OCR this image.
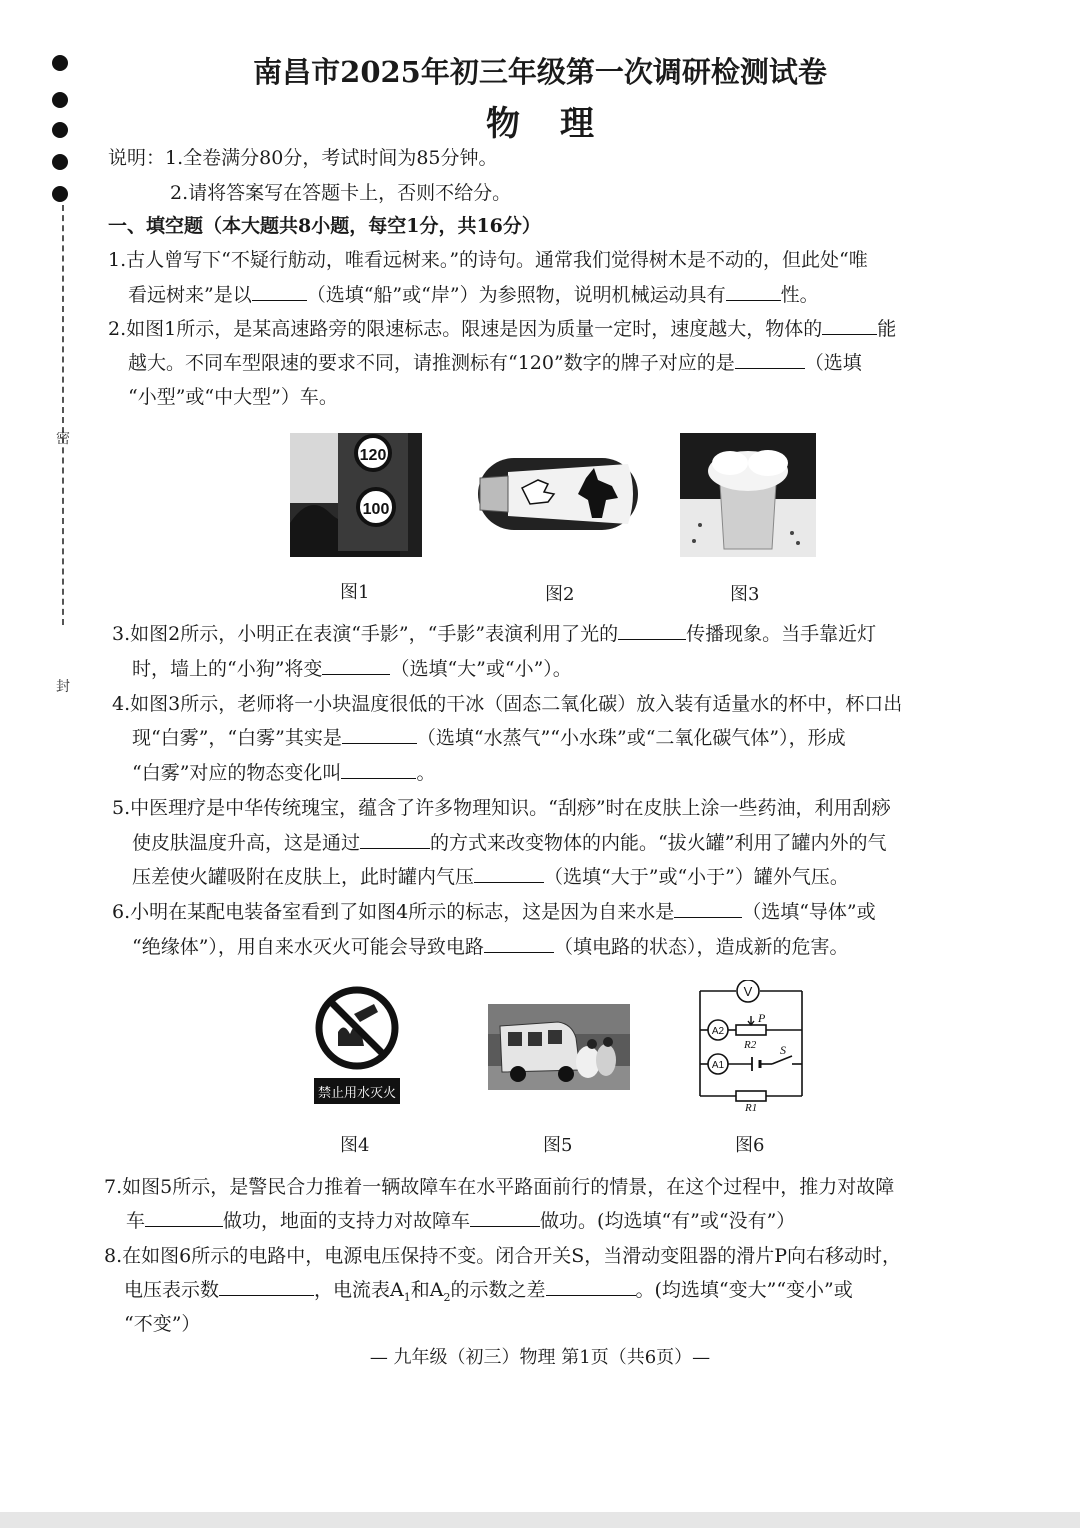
密
封
南昌市2025年初三年级第一次调研检测试卷
物理
说明：1.全卷满分80分，考试时间为85分钟。
2.请将答案写在答题卡上，否则不给分。
一、填空题（本大题共8小题，每空1分，共16分）
1.古人曾写下“不疑行舫动，唯看远树来。”的诗句。通常我们觉得树木是不动的，但此处“唯
看远树来”是以	（选填“船”或“岸”）为参照物，说明机械运动具有	性。
2.如图1所示，是某高速路旁的限速标志。限速是因为质量一定时，速度越大，物体的	能
越大。不同车型限速的要求不同，请推测标有“120”数字的牌子对应的是	（选填
“小型”或“中大型”）车。
120
100
图1	图2	图3
3.如图2所示，小明正在表演“手影”，“手影”表演利用了光的	传播现象。当手靠近灯
时，墙上的“小狗”将变	（选填“大”或“小”）。
4.如图3所示，老师将一小块温度很低的干冰（固态二氧化碳）放入装有适量水的杯中，杯口出
现“白雾”，“白雾”其实是	（选填“水蒸气”“小水珠”或“二氧化碳气体”），形成
“白雾”对应的物态变化叫	。
5.中医理疗是中华传统瑰宝，蕴含了许多物理知识。“刮痧”时在皮肤上涂一些药油，利用刮痧
使皮肤温度升高，这是通过	的方式来改变物体的内能。“拔火罐”利用了罐内外的气
压差使火罐吸附在皮肤上，此时罐内气压	（选填“大于”或“小于”）罐外气压。
6.小明在某配电装备室看到了如图4所示的标志，这是因为自来水是	（选填“导体”或
“绝缘体”），用自来水灭火可能会导致电路	（填电路的状态），造成新的危害。
禁止用水灭火
V
A2
P
R2
A1
S
R1
图4	图5	图6
7.如图5所示，是警民合力推着一辆故障车在水平路面前行的情景，在这个过程中，推力对故障
车	做功，地面的支持力对故障车	做功。(均选填“有”或“没有”）
8.在如图6所示的电路中，电源电压保持不变。闭合开关S，当滑动变阻器的滑片P向右移动时，
电压表示数	，电流表$A_1$和$A_2$的示数之差	。(均选填“变大”“变小”或
“不变”）
— 九年级（初三）物理 第1页（共6页）—
